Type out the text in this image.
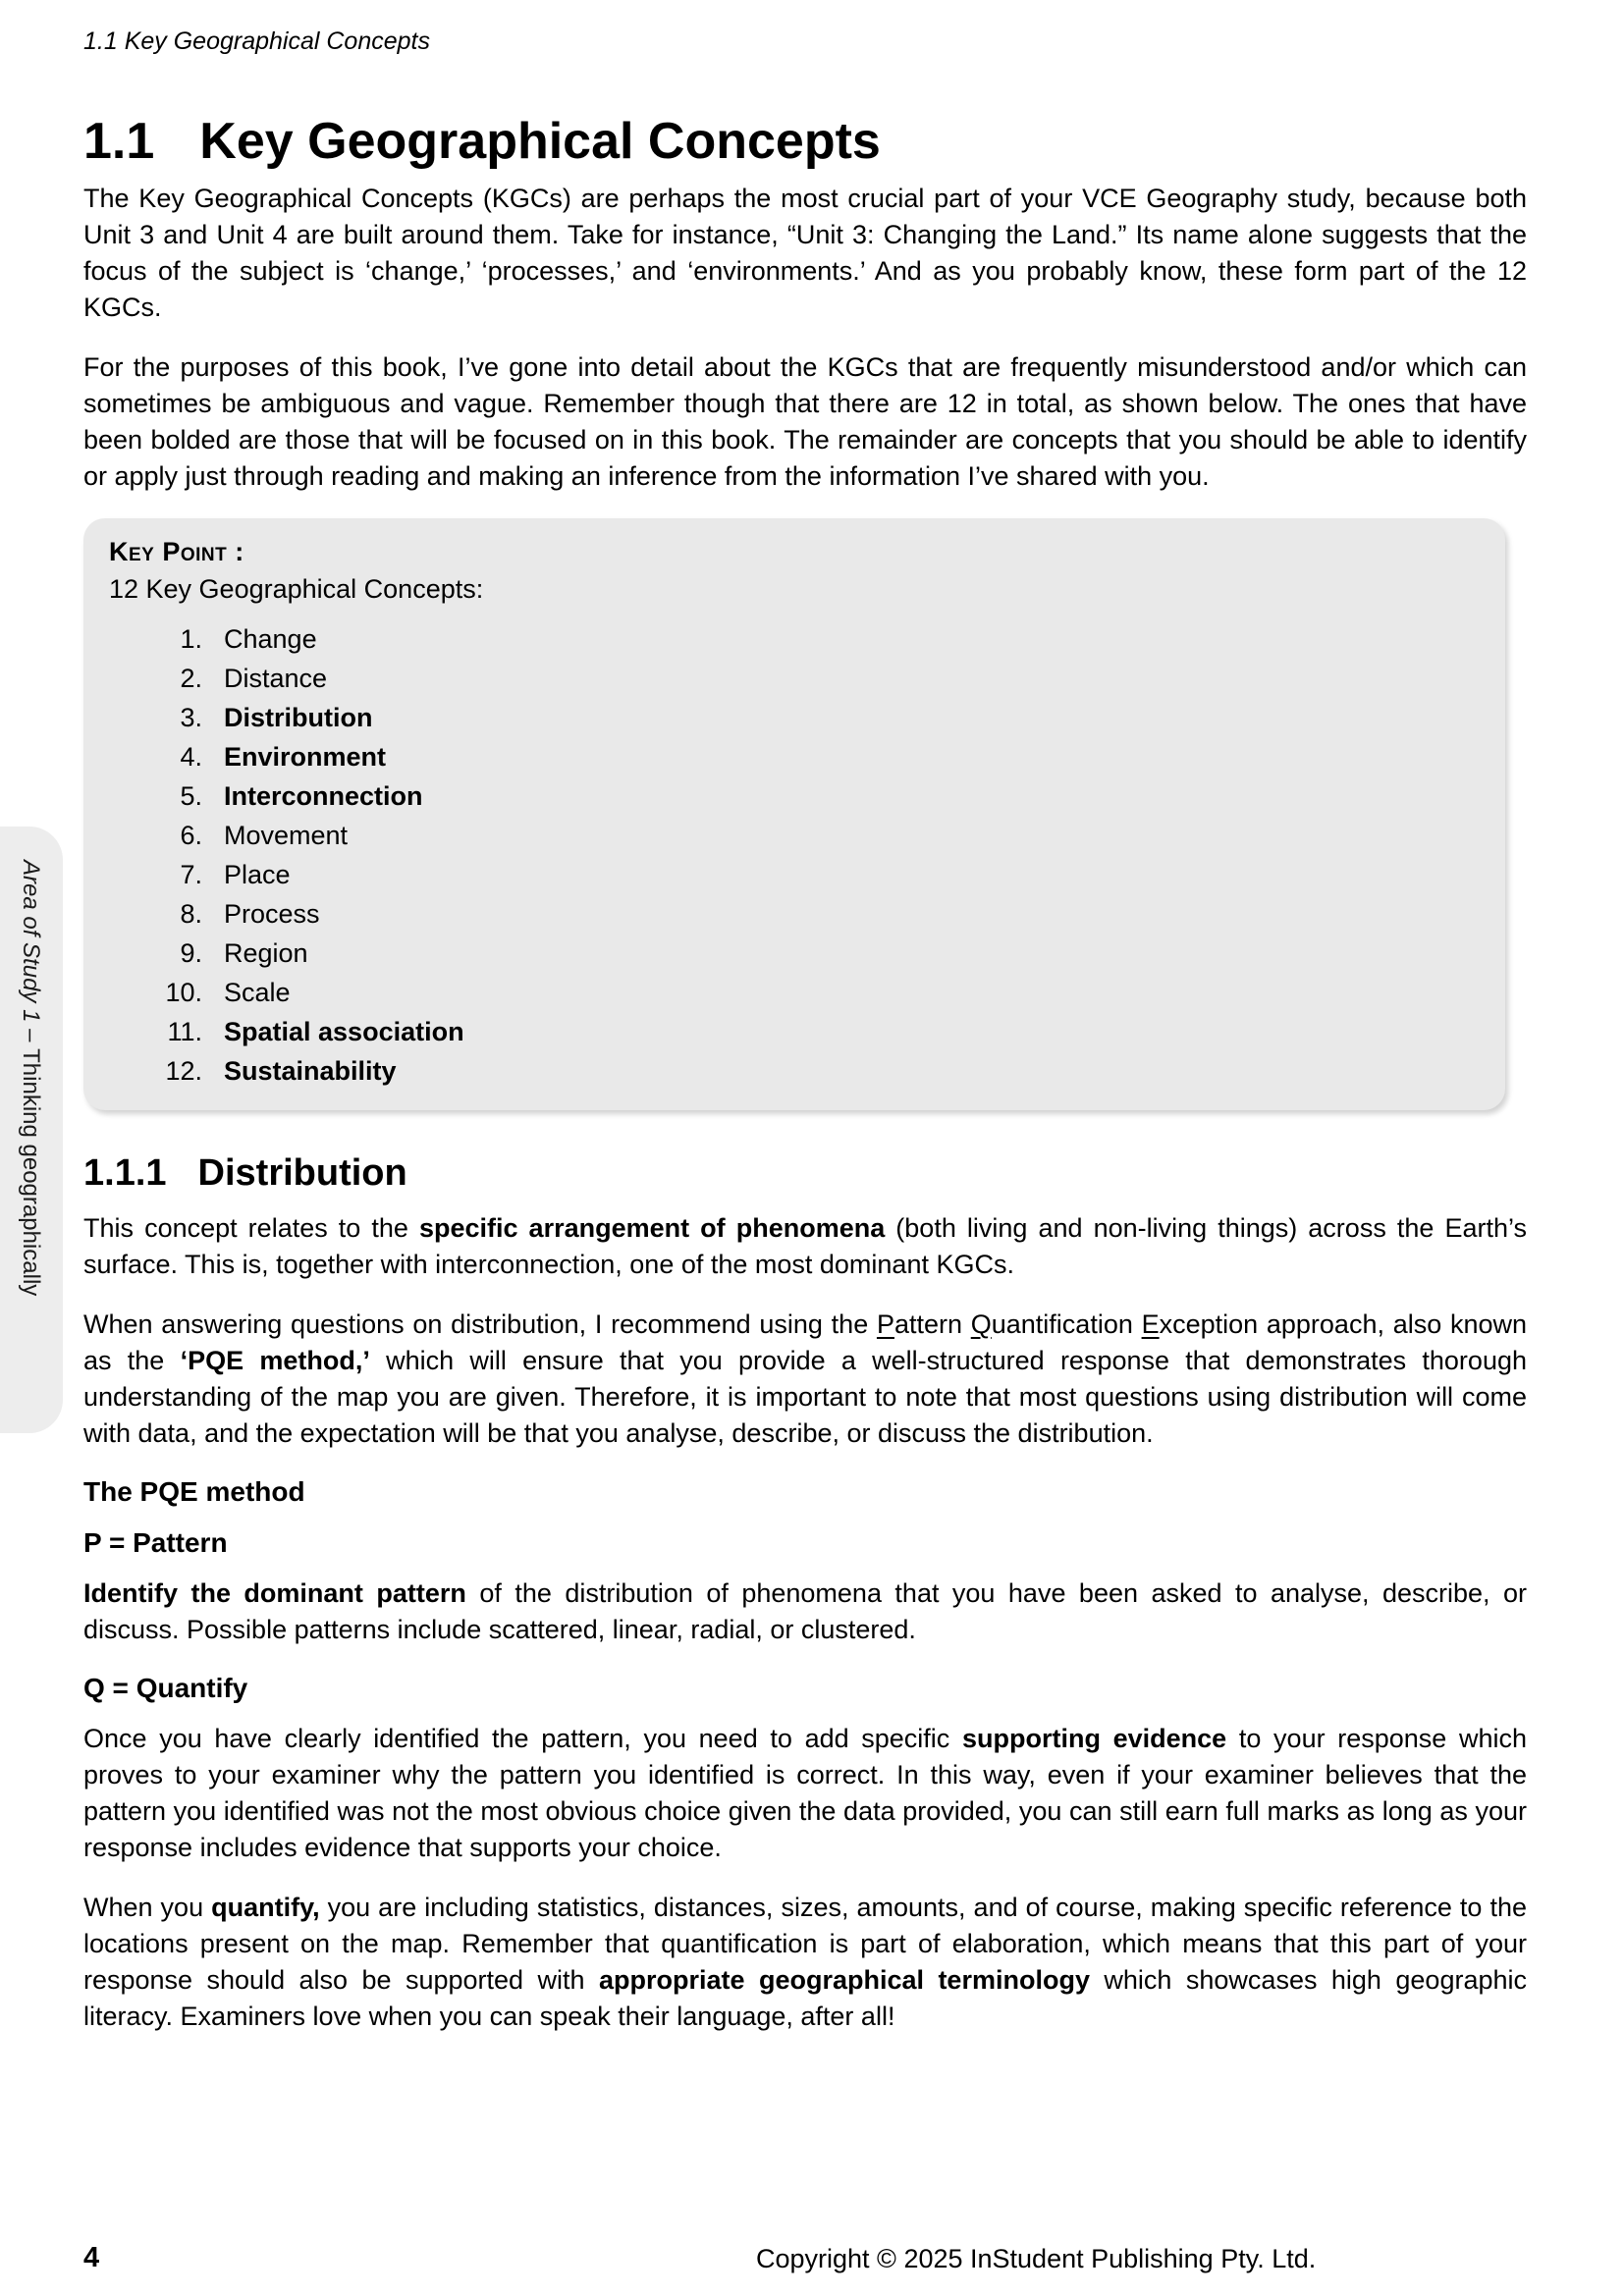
1.1 Key Geographical Concepts
1.1 Key Geographical Concepts

The Key Geographical Concepts (KGCs) are perhaps the most crucial part of your VCE Geography study, because both Unit 3 and Unit 4 are built around them. Take for instance, “Unit 3: Changing the Land.” Its name alone suggests that the focus of the subject is ‘change,’ ‘processes,’ and ‘environments.’ And as you probably know, these form part of the 12 KGCs.

For the purposes of this book, I’ve gone into detail about the KGCs that are frequently misunderstood and/or which can sometimes be ambiguous and vague. Remember though that there are 12 in total, as shown below. The ones that have been bolded are those that will be focused on in this book. The remainder are concepts that you should be able to identify or apply just through reading and making an inference from the information I’ve shared with you.

Key Point :
12 Key Geographical Concepts:
1. Change
2. Distance
3. Distribution
4. Environment
5. Interconnection
6. Movement
7. Place
8. Process
9. Region
10. Scale
11. Spatial association
12. Sustainability
1.1.1 Distribution

This concept relates to the specific arrangement of phenomena (both living and non-living things) across the Earth’s surface. This is, together with interconnection, one of the most dominant KGCs.

When answering questions on distribution, I recommend using the Pattern Quantification Exception approach, also known as the ‘PQE method,’ which will ensure that you provide a well-structured response that demonstrates thorough understanding of the map you are given. Therefore, it is important to note that most questions using distribution will come with data, and the expectation will be that you analyse, describe, or discuss the distribution.

The PQE method
P = Pattern

Identify the dominant pattern of the distribution of phenomena that you have been asked to analyse, describe, or discuss. Possible patterns include scattered, linear, radial, or clustered.

Q = Quantify

Once you have clearly identified the pattern, you need to add specific supporting evidence to your response which proves to your examiner why the pattern you identified is correct. In this way, even if your examiner believes that the pattern you identified was not the most obvious choice given the data provided, you can still earn full marks as long as your response includes evidence that supports your choice.

When you quantify, you are including statistics, distances, sizes, amounts, and of course, making specific reference to the locations present on the map. Remember that quantification is part of elaboration, which means that this part of your response should also be supported with appropriate geographical terminology which showcases high geographic literacy. Examiners love when you can speak their language, after all!

Area of Study 1 – Thinking geographically
4	Copyright © 2025 InStudent Publishing Pty. Ltd.
